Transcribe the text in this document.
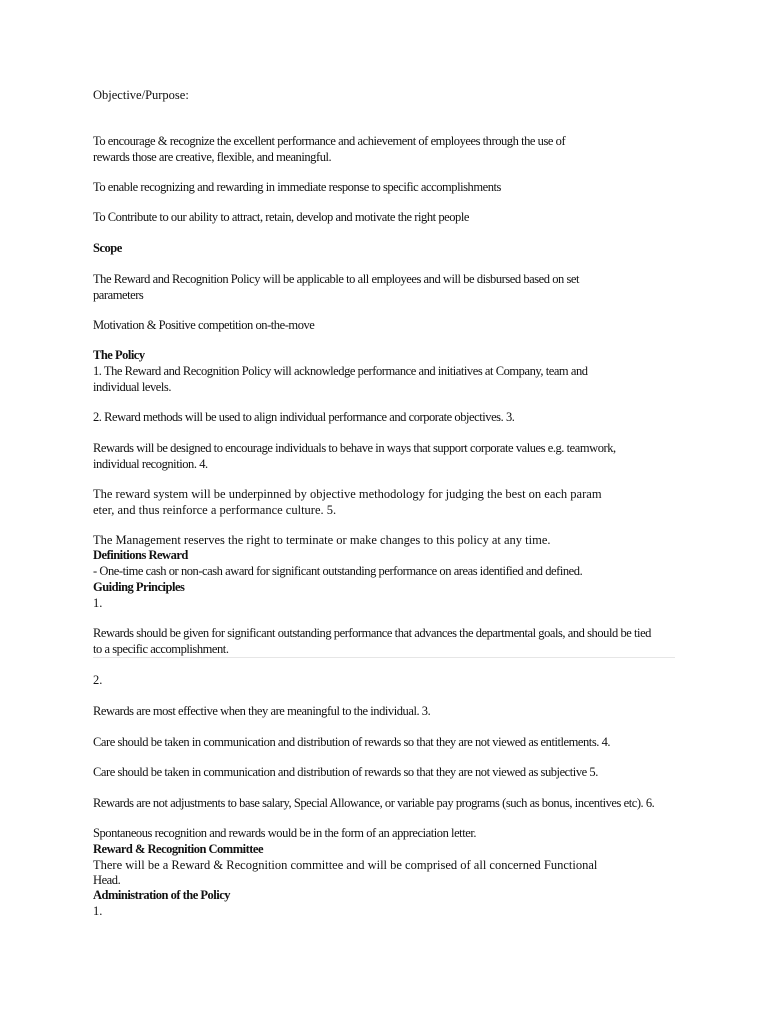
Objective/Purpose:
To encourage & recognize the excellent performance and achievement of employees through the use of
rewards those are creative, flexible, and meaningful.
To enable recognizing and rewarding in immediate response to specific accomplishments
To Contribute to our ability to attract, retain, develop and motivate the right people
Scope
The Reward and Recognition Policy will be applicable to all employees and will be disbursed based on set
parameters
Motivation & Positive competition on-the-move
The Policy
1. The Reward and Recognition Policy will acknowledge performance and initiatives at Company, team and
individual levels.
2. Reward methods will be used to align individual performance and corporate objectives. 3.
Rewards will be designed to encourage individuals to behave in ways that support corporate values e.g. teamwork,
individual recognition. 4.
The reward system will be underpinned by objective methodology for judging the best on each param
eter, and thus reinforce a performance culture. 5.
The Management reserves the right to terminate or make changes to this policy at any time.
Definitions Reward
- One-time cash or non-cash award for significant outstanding performance on areas identified and defined.
Guiding Principles
1.
Rewards should be given for significant outstanding performance that advances the departmental goals, and should be tied
to a specific accomplishment.
2.
Rewards are most effective when they are meaningful to the individual. 3.
Care should be taken in communication and distribution of rewards so that they are not viewed as entitlements. 4.
Care should be taken in communication and distribution of rewards so that they are not viewed as subjective 5.
Rewards are not adjustments to base salary, Special Allowance, or variable pay programs (such as bonus, incentives etc). 6.
Spontaneous recognition and rewards would be in the form of an appreciation letter.
Reward & Recognition Committee
There will be a Reward & Recognition committee and will be comprised of all concerned Functional
Head.
Administration of the Policy
1.
